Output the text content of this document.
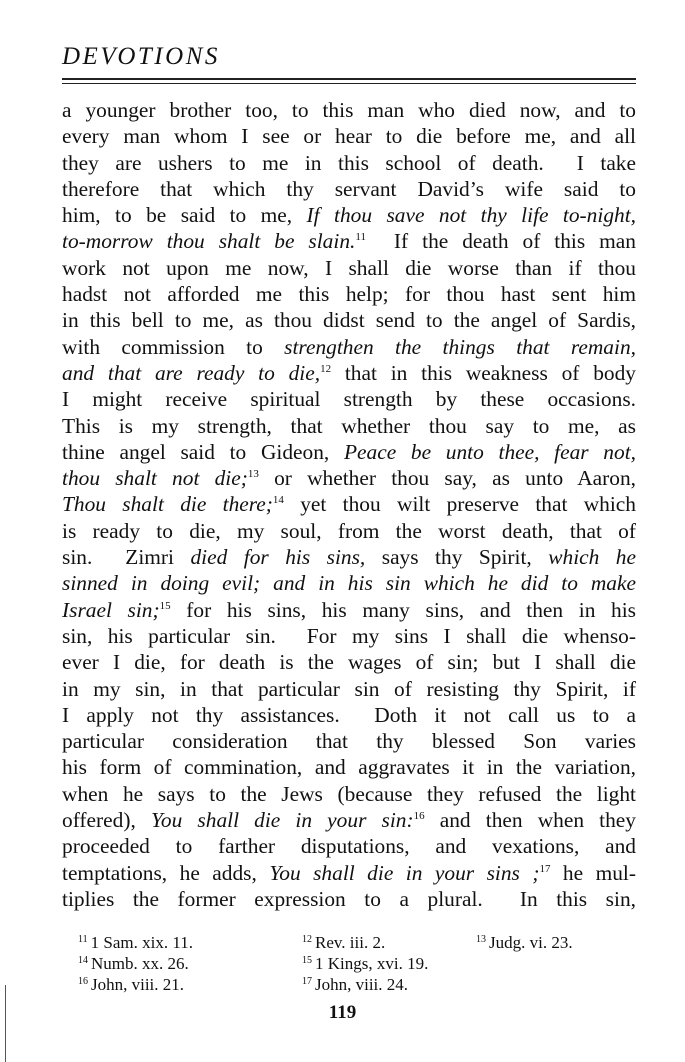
DEVOTIONS
a younger brother too, to this man who died now, and to
every man whom I see or hear to die before me, and all
they are ushers to me in this school of death.  I take
therefore that which thy servant David’s wife said to
him, to be said to me, If thou save not thy life to-night,
to-morrow thou shalt be slain.$^{11}$  If the death of this man
work not upon me now, I shall die worse than if thou
hadst not afforded me this help; for thou hast sent him
in this bell to me, as thou didst send to the angel of Sardis,
with commission to strengthen the things that remain,
and that are ready to die,$^{12}$ that in this weakness of body
I might receive spiritual strength by these occasions.
This is my strength, that whether thou say to me, as
thine angel said to Gideon, Peace be unto thee, fear not,
thou shalt not die;$^{13}$ or whether thou say, as unto Aaron,
Thou shalt die there;$^{14}$ yet thou wilt preserve that which
is ready to die, my soul, from the worst death, that of
sin.  Zimri died for his sins, says thy Spirit, which he
sinned in doing evil; and in his sin which he did to make
Israel sin;$^{15}$ for his sins, his many sins, and then in his
sin, his particular sin.  For my sins I shall die whenso-
ever I die, for death is the wages of sin; but I shall die
in my sin, in that particular sin of resisting thy Spirit, if
I apply not thy assistances.  Doth it not call us to a
particular consideration that thy blessed Son varies
his form of commination, and aggravates it in the variation,
when he says to the Jews (because they refused the light
offered), You shall die in your sin:$^{16}$ and then when they
proceeded to farther disputations, and vexations, and
temptations, he adds, You shall die in your sins ;$^{17}$ he mul-
tiplies the former expression to a plural.  In this sin,
$^{11}$ 1 Sam. xix. 11.	$^{12}$ Rev. iii. 2.	$^{13}$ Judg. vi. 23.
$^{14}$ Numb. xx. 26.	$^{15}$ 1 Kings, xvi. 19.
$^{16}$ John, viii. 21.	$^{17}$ John, viii. 24.
119
